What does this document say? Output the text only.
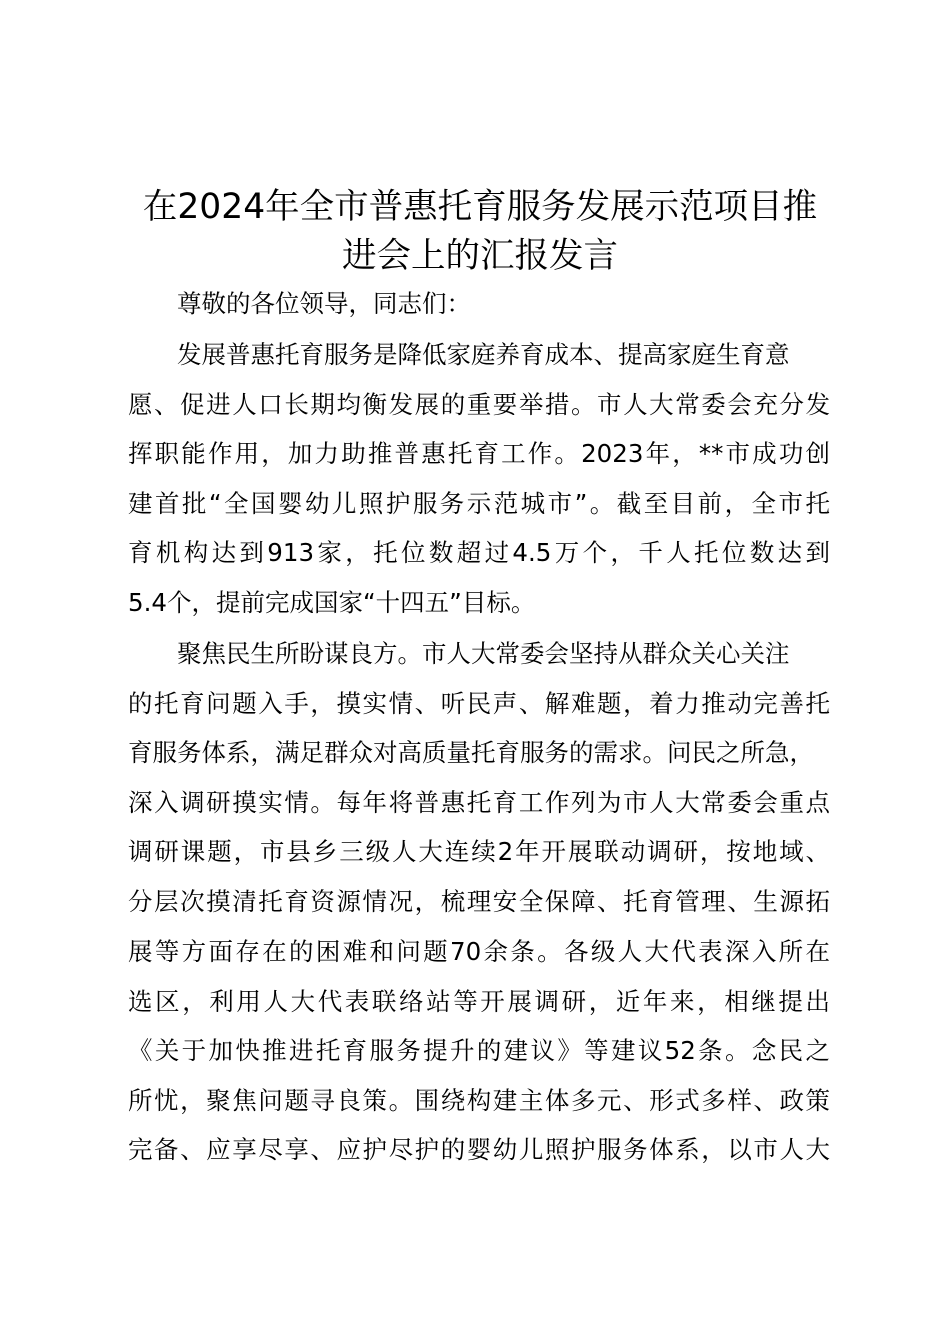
在2024年全市普惠托育服务发展示范项目推
进会上的汇报发言
尊敬的各位领导，同志们：
发展普惠托育服务是降低家庭养育成本、提高家庭生育意
愿、促进人口长期均衡发展的重要举措。市人大常委会充分发
挥职能作用，加力助推普惠托育工作。2023年，**市成功创
建首批“全国婴幼儿照护服务示范城市”。截至目前，全市托
育机构达到913家，托位数超过4.5万个，千人托位数达到
5.4个，提前完成国家“十四五”目标。
聚焦民生所盼谋良方。市人大常委会坚持从群众关心关注
的托育问题入手，摸实情、听民声、解难题，着力推动完善托
育服务体系，满足群众对高质量托育服务的需求。问民之所急，
深入调研摸实情。每年将普惠托育工作列为市人大常委会重点
调研课题，市县乡三级人大连续2年开展联动调研，按地域、
分层次摸清托育资源情况，梳理安全保障、托育管理、生源拓
展等方面存在的困难和问题70余条。各级人大代表深入所在
选区，利用人大代表联络站等开展调研，近年来，相继提出
《关于加快推进托育服务提升的建议》等建议52条。念民之
所忧，聚焦问题寻良策。围绕构建主体多元、形式多样、政策
完备、应享尽享、应护尽护的婴幼儿照护服务体系，以市人大
